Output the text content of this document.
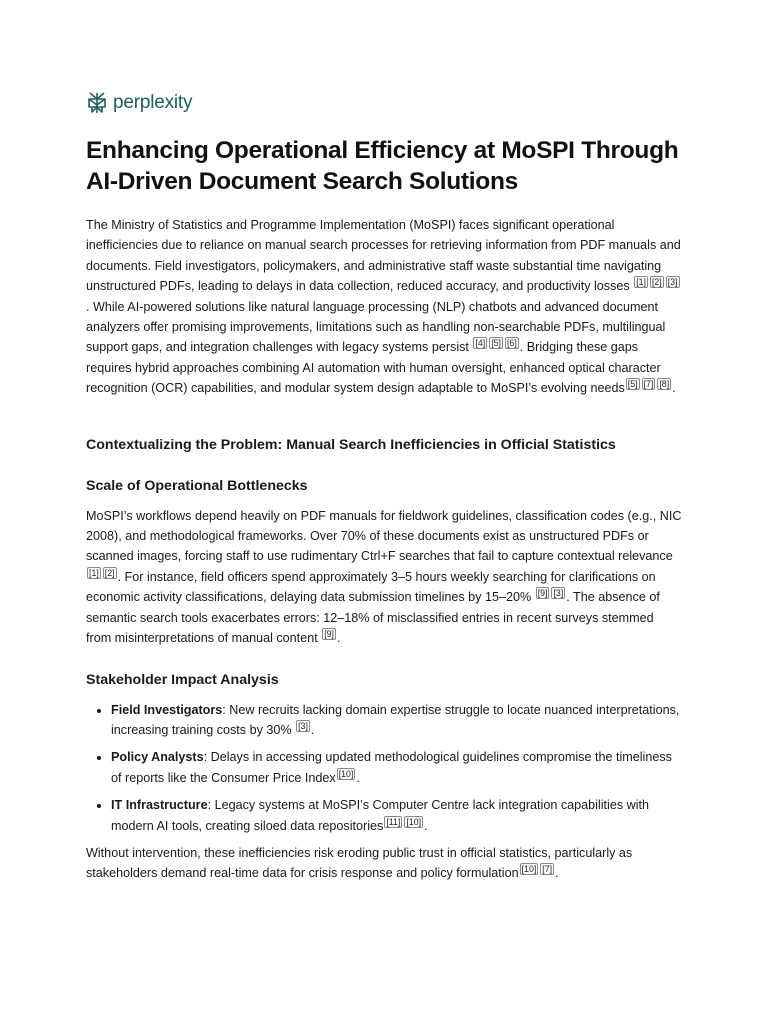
perplexity
Enhancing Operational Efficiency at MoSPI Through AI-Driven Document Search Solutions

The Ministry of Statistics and Programme Implementation (MoSPI) faces significant operational inefficiencies due to reliance on manual search processes for retrieving information from PDF manuals and documents. Field investigators, policymakers, and administrative staff waste substantial time navigating unstructured PDFs, leading to delays in data collection, reduced accuracy, and productivity losses [1] [2] [3]. While AI-powered solutions like natural language processing (NLP) chatbots and advanced document analyzers offer promising improvements, limitations such as handling non-searchable PDFs, multilingual support gaps, and integration challenges with legacy systems persist [4] [5] [6] . Bridging these gaps requires hybrid approaches combining AI automation with human oversight, enhanced optical character recognition (OCR) capabilities, and modular system design adaptable to MoSPI’s evolving needs [5] [7] [8] .

Contextualizing the Problem: Manual Search Inefficiencies in Official Statistics
Scale of Operational Bottlenecks

MoSPI’s workflows depend heavily on PDF manuals for fieldwork guidelines, classification codes (e.g., NIC 2008), and methodological frameworks. Over 70% of these documents exist as unstructured PDFs or scanned images, forcing staff to use rudimentary Ctrl+F searches that fail to capture contextual relevance[1] [2] . For instance, field officers spend approximately 3–5 hours weekly searching for clarifications on economic activity classifications, delaying data submission timelines by 15–20% [9] [3] . The absence of semantic search tools exacerbates errors: 12–18% of misclassified entries in recent surveys stemmed from misinterpretations of manual content [9] .

Stakeholder Impact Analysis
• Field Investigators: New recruits lacking domain expertise struggle to locate nuanced interpretations, increasing training costs by 30% [3] .
• Policy Analysts: Delays in accessing updated methodological guidelines compromise the timeliness of reports like the Consumer Price Index [10] .
• IT Infrastructure: Legacy systems at MoSPI’s Computer Centre lack integration capabilities with modern AI tools, creating siloed data repositories [11] [10] .

Without intervention, these inefficiencies risk eroding public trust in official statistics, particularly as stakeholders demand real-time data for crisis response and policy formulation [10] [7] .
